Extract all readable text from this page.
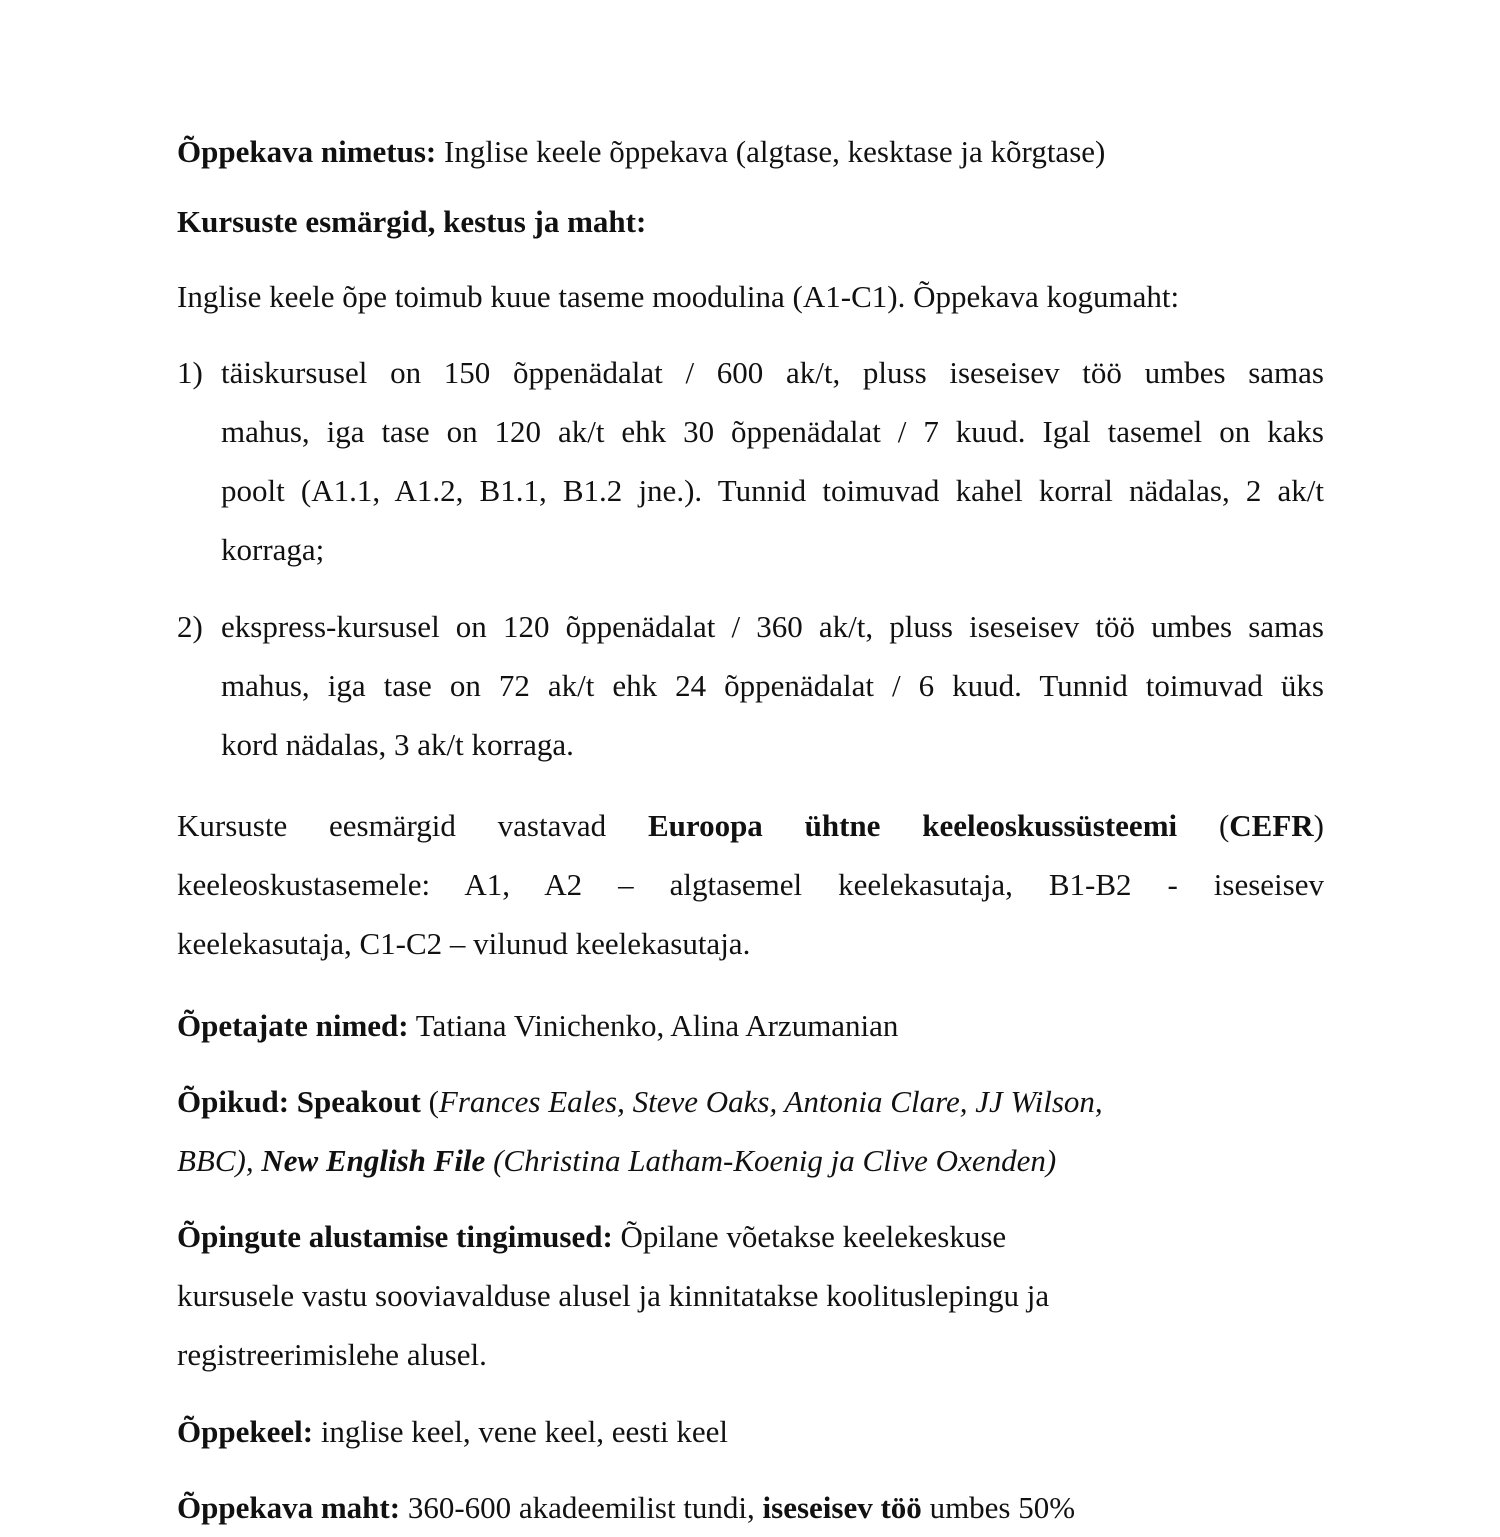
Õppekava nimetus: Inglise keele õppekava (algtase, kesktase ja kõrgtase)
Kursuste esmärgid, kestus ja maht:
Inglise keele õpe toimub kuue taseme moodulina (A1-C1). Õppekava kogumaht:
1) täiskursusel on 150 õppenädalat / 600 ak/t, pluss iseseisev töö umbes samas
mahus, iga tase on 120 ak/t ehk 30 õppenädalat / 7 kuud. Igal tasemel on kaks
poolt (A1.1, A1.2, B1.1, B1.2 jne.). Tunnid toimuvad kahel korral nädalas, 2 ak/t
korraga;
2) ekspress-kursusel on 120 õppenädalat / 360 ak/t, pluss iseseisev töö umbes samas
mahus, iga tase on 72 ak/t ehk 24 õppenädalat / 6 kuud. Tunnid toimuvad üks
kord nädalas, 3 ak/t korraga.
Kursuste eesmärgid vastavad Euroopa ühtne keeleoskussüsteemi (CEFR)
keeleoskustasemele: A1, A2 – algtasemel keelekasutaja, B1-B2 - iseseisev
keelekasutaja, C1-C2 – vilunud keelekasutaja.
Õpetajate nimed: Tatiana Vinichenko, Alina Arzumanian
Õpikud: Speakout (Frances Eales, Steve Oaks, Antonia Clare, JJ Wilson,
BBC), New English File (Christina Latham-Koenig ja Clive Oxenden)
Õpingute alustamise tingimused: Õpilane võetakse keelekeskuse
kursusele vastu sooviavalduse alusel ja kinnitatakse koolituslepingu ja
registreerimislehe alusel.
Õppekeel: inglise keel, vene keel, eesti keel
Õppekava maht: 360-600 akadeemilist tundi, iseseisev töö umbes 50%
